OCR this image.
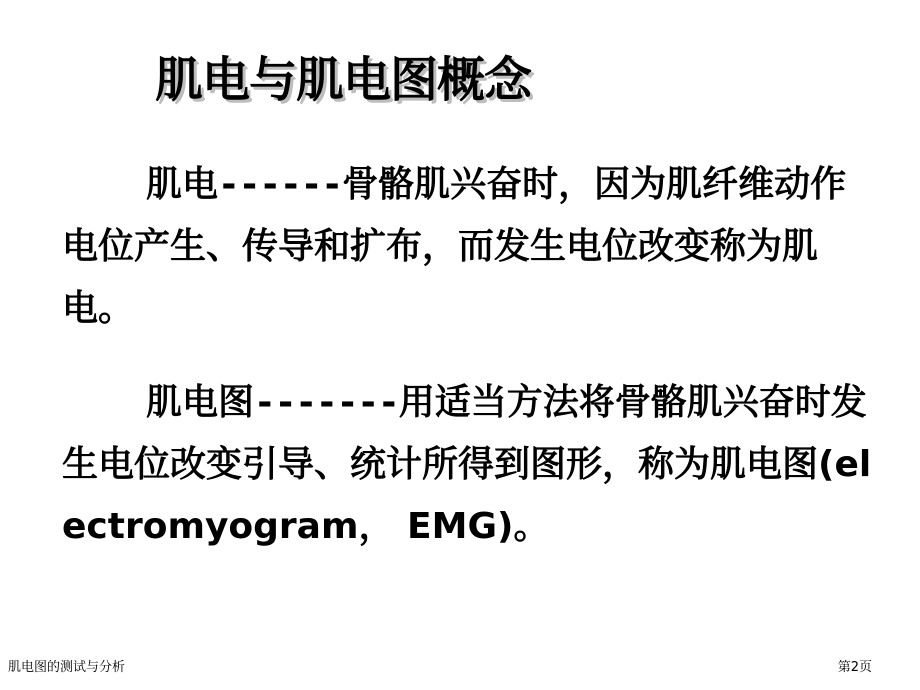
肌电与肌电图概念

肌电------骨骼肌兴奋时，因为肌纤维动作电位产生、传导和扩布，而发生电位改变称为肌电。

肌电图-------用适当方法将骨骼肌兴奋时发生电位改变引导、统计所得到图形，称为肌电图(electromyogram， EMG)。

肌电图的测试与分析	第2页
